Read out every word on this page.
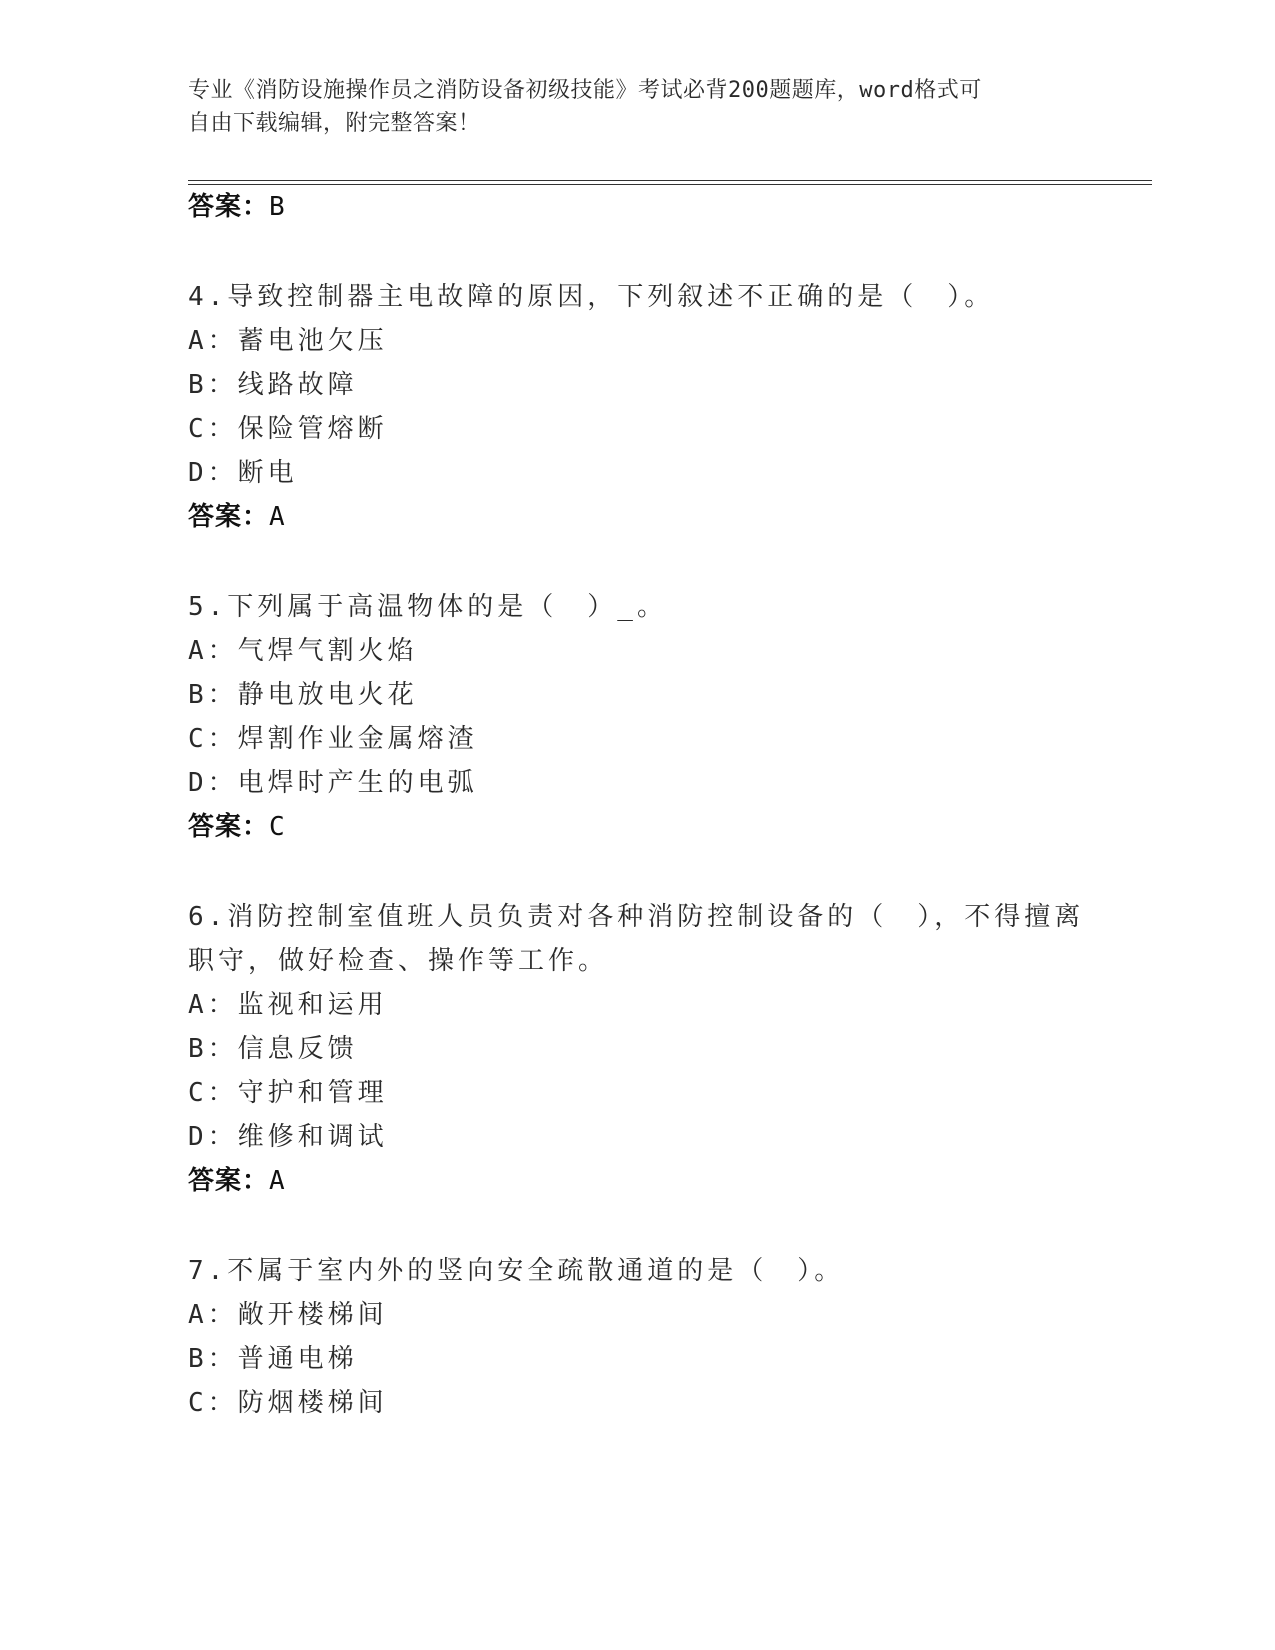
专业《消防设施操作员之消防设备初级技能》考试必背200题题库，word格式可
自由下载编辑，附完整答案！
答案：B
4.导致控制器主电故障的原因，下列叙述不正确的是（　）。
A：蓄电池欠压
B：线路故障
C：保险管熔断
D：断电
答案：A
5.下列属于高温物体的是（　）_。
A：气焊气割火焰
B：静电放电火花
C：焊割作业金属熔渣
D：电焊时产生的电弧
答案：C
6.消防控制室值班人员负责对各种消防控制设备的（　），不得擅离
职守，做好检查、操作等工作。
A：监视和运用
B：信息反馈
C：守护和管理
D：维修和调试
答案：A
7.不属于室内外的竖向安全疏散通道的是（　）。
A：敞开楼梯间
B：普通电梯
C：防烟楼梯间
